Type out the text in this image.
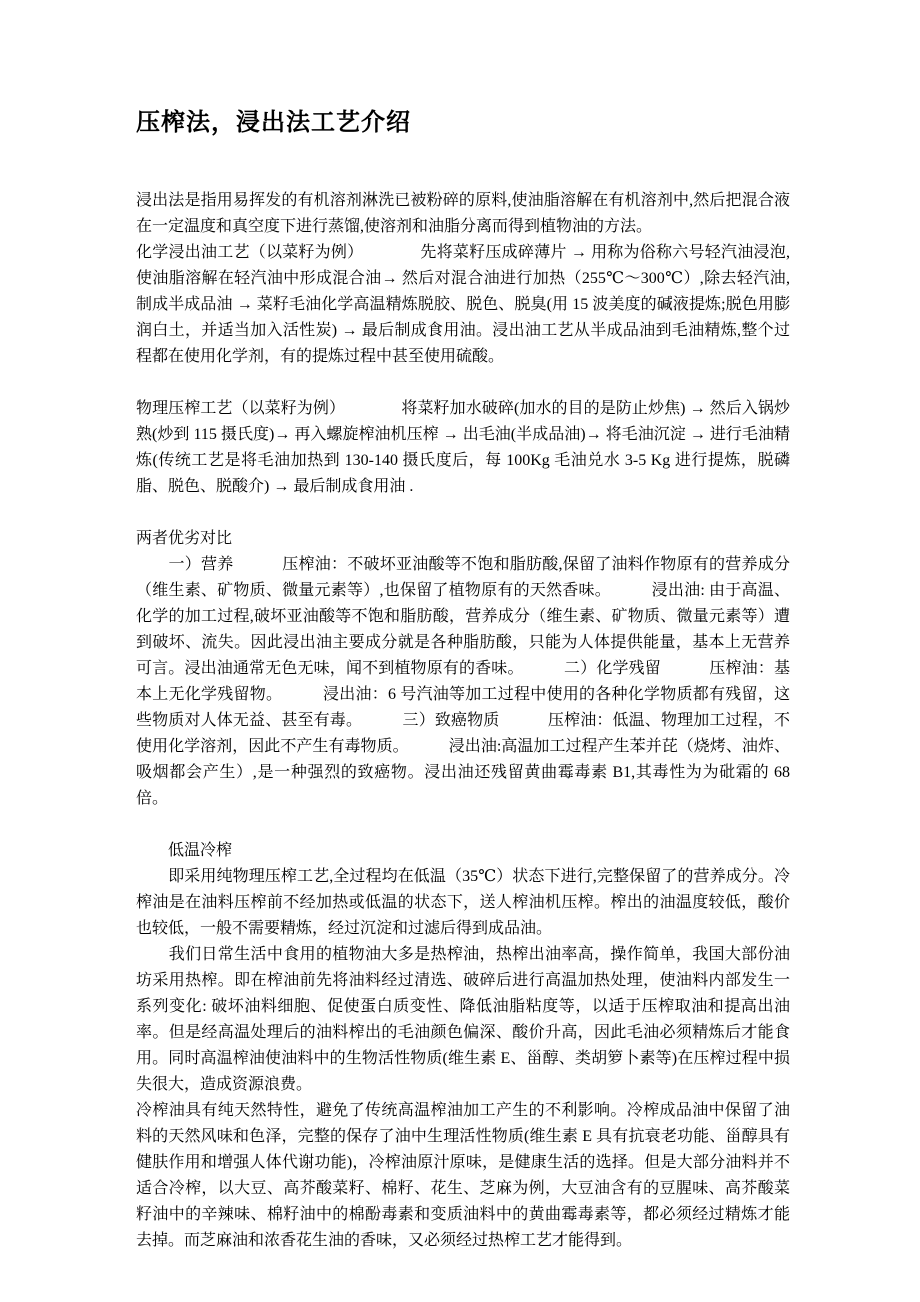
压榨法，浸出法工艺介绍

浸出法是指用易挥发的有机溶剂淋洗已被粉碎的原料,使油脂溶解在有机溶剂中,然后把混合液在一定温度和真空度下进行蒸馏,使溶剂和油脂分离而得到植物油的方法。

化学浸出油工艺（以菜籽为例）　　　　先将菜籽压成碎薄片 → 用称为俗称六号轻汽油浸泡,使油脂溶解在轻汽油中形成混合油→ 然后对混合油进行加热（255℃～300℃）,除去轻汽油,制成半成品油 → 菜籽毛油化学高温精炼脱胶、脱色、脱臭(用 15 波美度的碱液提炼;脱色用膨润白土，并适当加入活性炭) → 最后制成食用油。浸出油工艺从半成品油到毛油精炼,整个过程都在使用化学剂，有的提炼过程中甚至使用硫酸。

物理压榨工艺（以菜籽为例）　　　　将菜籽加水破碎(加水的目的是防止炒焦) → 然后入锅炒熟(炒到 115 摄氏度)→ 再入螺旋榨油机压榨 → 出毛油(半成品油)→ 将毛油沉淀 → 进行毛油精炼(传统工艺是将毛油加热到 130-140 摄氏度后，每 100Kg 毛油兑水 3-5 Kg 进行提炼，脱磷脂、脱色、脱酸介) → 最后制成食用油 .

两者优劣对比

　　一）营养　　　压榨油：不破坏亚油酸等不饱和脂肪酸,保留了油料作物原有的营养成分（维生素、矿物质、微量元素等）,也保留了植物原有的天然香味。　　　浸出油: 由于高温、化学的加工过程,破坏亚油酸等不饱和脂肪酸，营养成分（维生素、矿物质、微量元素等）遭到破坏、流失。因此浸出油主要成分就是各种脂肪酸，只能为人体提供能量，基本上无营养可言。浸出油通常无色无味，闻不到植物原有的香味。　　　二）化学残留　　　压榨油：基本上无化学残留物。　　　浸出油：6 号汽油等加工过程中使用的各种化学物质都有残留，这些物质对人体无益、甚至有毒。　　　三）致癌物质　　　压榨油：低温、物理加工过程，不使用化学溶剂，因此不产生有毒物质。　　　浸出油:高温加工过程产生苯并芘（烧烤、油炸、吸烟都会产生）,是一种强烈的致癌物。浸出油还残留黄曲霉毒素 B1,其毒性为为砒霜的 68 倍。

　　低温冷榨

　　即采用纯物理压榨工艺,全过程均在低温（35℃）状态下进行,完整保留了的营养成分。冷榨油是在油料压榨前不经加热或低温的状态下，送人榨油机压榨。榨出的油温度较低，酸价也较低，一般不需要精炼，经过沉淀和过滤后得到成品油。

　　我们日常生活中食用的植物油大多是热榨油，热榨出油率高，操作简单，我国大部份油坊采用热榨。即在榨油前先将油料经过清选、破碎后进行高温加热处理，使油料内部发生一系列变化: 破坏油料细胞、促使蛋白质变性、降低油脂粘度等，以适于压榨取油和提高出油率。但是经高温处理后的油料榨出的毛油颜色偏深、酸价升高，因此毛油必须精炼后才能食用。同时高温榨油使油料中的生物活性物质(维生素 E、甾醇、类胡箩卜素等)在压榨过程中损失很大，造成资源浪费。

冷榨油具有纯天然特性，避免了传统高温榨油加工产生的不利影响。冷榨成品油中保留了油料的天然风味和色泽，完整的保存了油中生理活性物质(维生素 E 具有抗衰老功能、甾醇具有健肤作用和增强人体代谢功能)，冷榨油原汁原味，是健康生活的选择。但是大部分油料并不适合冷榨，以大豆、高芥酸菜籽、棉籽、花生、芝麻为例，大豆油含有的豆腥味、高芥酸菜籽油中的辛辣味、棉籽油中的棉酚毒素和变质油料中的黄曲霉毒素等，都必须经过精炼才能去掉。而芝麻油和浓香花生油的香味，又必须经过热榨工艺才能得到。
